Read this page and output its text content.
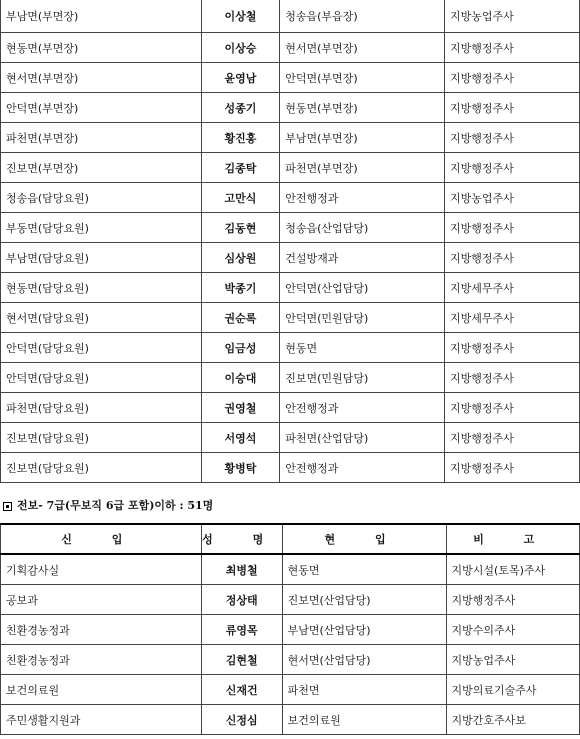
부남면(부면장)	이상철	청송읍(부읍장)	지방농업주사
현동면(부면장)	이상승	현서면(부면장)	지방행정주사
현서면(부면장)	윤영남	안덕면(부면장)	지방행정주사
안덕면(부면장)	성종기	현동면(부면장)	지방행정주사
파천면(부면장)	황진홍	부남면(부면장)	지방행정주사
진보면(부면장)	김종탁	파천면(부면장)	지방행정주사
청송읍(담당요원)	고만식	안전행정과	지방농업주사
부동면(담당요원)	김동현	청송읍(산업담당)	지방행정주사
부남면(담당요원)	심상원	건설방재과	지방행정주사
현동면(담당요원)	박종기	안덕면(산업담당)	지방세무주사
현서면(담당요원)	권순록	안덕면(민원담당)	지방세무주사
안덕면(담당요원)	임금성	현동면	지방행정주사
안덕면(담당요원)	이승대	진보면(민원담당)	지방행정주사
파천면(담당요원)	권영철	안전행정과	지방행정주사
진보면(담당요원)	서영석	파천면(산업담당)	지방행정주사
진보면(담당요원)	황병탁	안전행정과	지방행정주사
전보- 7급(무보직 6급 포함)이하 : 51명
신 입	성 명	현 입	비 고
기획감사실	최병철	현동면	지방시설(토목)주사
공보과	정상태	진보면(산업담당)	지방행정주사
친환경농정과	류영목	부남면(산업담당)	지방수의주사
친환경농정과	김현철	현서면(산업담당)	지방농업주사
보건의료원	신재건	파천면	지방의료기술주사
주민생활지원과	신정심	보건의료원	지방간호주사보
